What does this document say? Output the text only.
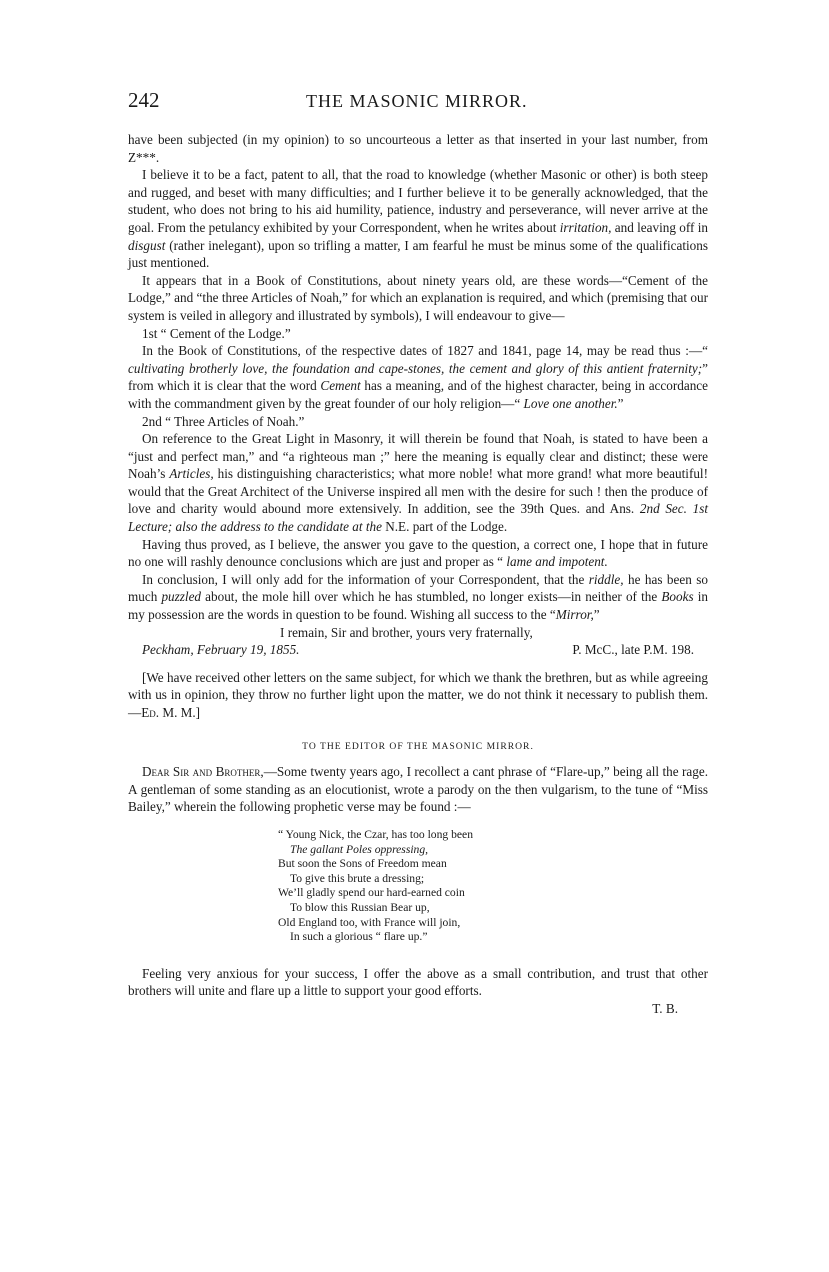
242	THE MASONIC MIRROR.

have been subjected (in my opinion) to so uncourteous a letter as that inserted in your last number, from Z***.

I believe it to be a fact, patent to all, that the road to knowledge (whether Masonic or other) is both steep and rugged, and beset with many difficulties; and I further believe it to be generally acknowledged, that the student, who does not bring to his aid humility, patience, industry and perseverance, will never arrive at the goal. From the petulancy exhibited by your Correspondent, when he writes about irritation, and leaving off in disgust (rather inelegant), upon so trifling a matter, I am fearful he must be minus some of the qualifications just mentioned.

It appears that in a Book of Constitutions, about ninety years old, are these words—“Cement of the Lodge,” and “the three Articles of Noah,” for which an explanation is required, and which (premising that our system is veiled in allegory and illustrated by symbols), I will endeavour to give—

1st “ Cement of the Lodge.”

In the Book of Constitutions, of the respective dates of 1827 and 1841, page 14, may be read thus :—“ cultivating brotherly love, the foundation and cape-stones, the cement and glory of this antient fraternity;” from which it is clear that the word Cement has a meaning, and of the highest character, being in accordance with the commandment given by the great founder of our holy religion—“ Love one another.”

2nd “ Three Articles of Noah.”

On reference to the Great Light in Masonry, it will therein be found that Noah, is stated to have been a “just and perfect man,” and “a righteous man ;” here the meaning is equally clear and distinct; these were Noah’s Articles, his distinguishing characteristics; what more noble! what more grand! what more beautiful! would that the Great Architect of the Universe inspired all men with the desire for such ! then the produce of love and charity would abound more extensively. In addition, see the 39th Ques. and Ans. 2nd Sec. 1st Lecture; also the address to the candidate at the N.E. part of the Lodge.

Having thus proved, as I believe, the answer you gave to the question, a correct one, I hope that in future no one will rashly denounce conclusions which are just and proper as “ lame and impotent.

In conclusion, I will only add for the information of your Correspondent, that the riddle, he has been so much puzzled about, the mole hill over which he has stumbled, no longer exists—in neither of the Books in my possession are the words in question to be found. Wishing all success to the “Mirror,”

I remain, Sir and brother, yours very fraternally,
Peckham, February 19, 1855.	P. McC., late P.M. 198.

[We have received other letters on the same subject, for which we thank the brethren, but as while agreeing with us in opinion, they throw no further light upon the matter, we do not think it necessary to publish them.—Ed. M. M.]

TO THE EDITOR OF THE MASONIC MIRROR.

Dear Sir and Brother,—Some twenty years ago, I recollect a cant phrase of “Flare-up,” being all the rage. A gentleman of some standing as an elocutionist, wrote a parody on the then vulgarism, to the tune of “Miss Bailey,” wherein the following prophetic verse may be found :—

“ Young Nick, the Czar, has too long been
The gallant Poles oppressing,
But soon the Sons of Freedom mean
To give this brute a dressing;
We’ll gladly spend our hard-earned coin
To blow this Russian Bear up,
Old England too, with France will join,
In such a glorious “ flare up.”

Feeling very anxious for your success, I offer the above as a small contribution, and trust that other brothers will unite and flare up a little to support your good efforts.

T. B.
